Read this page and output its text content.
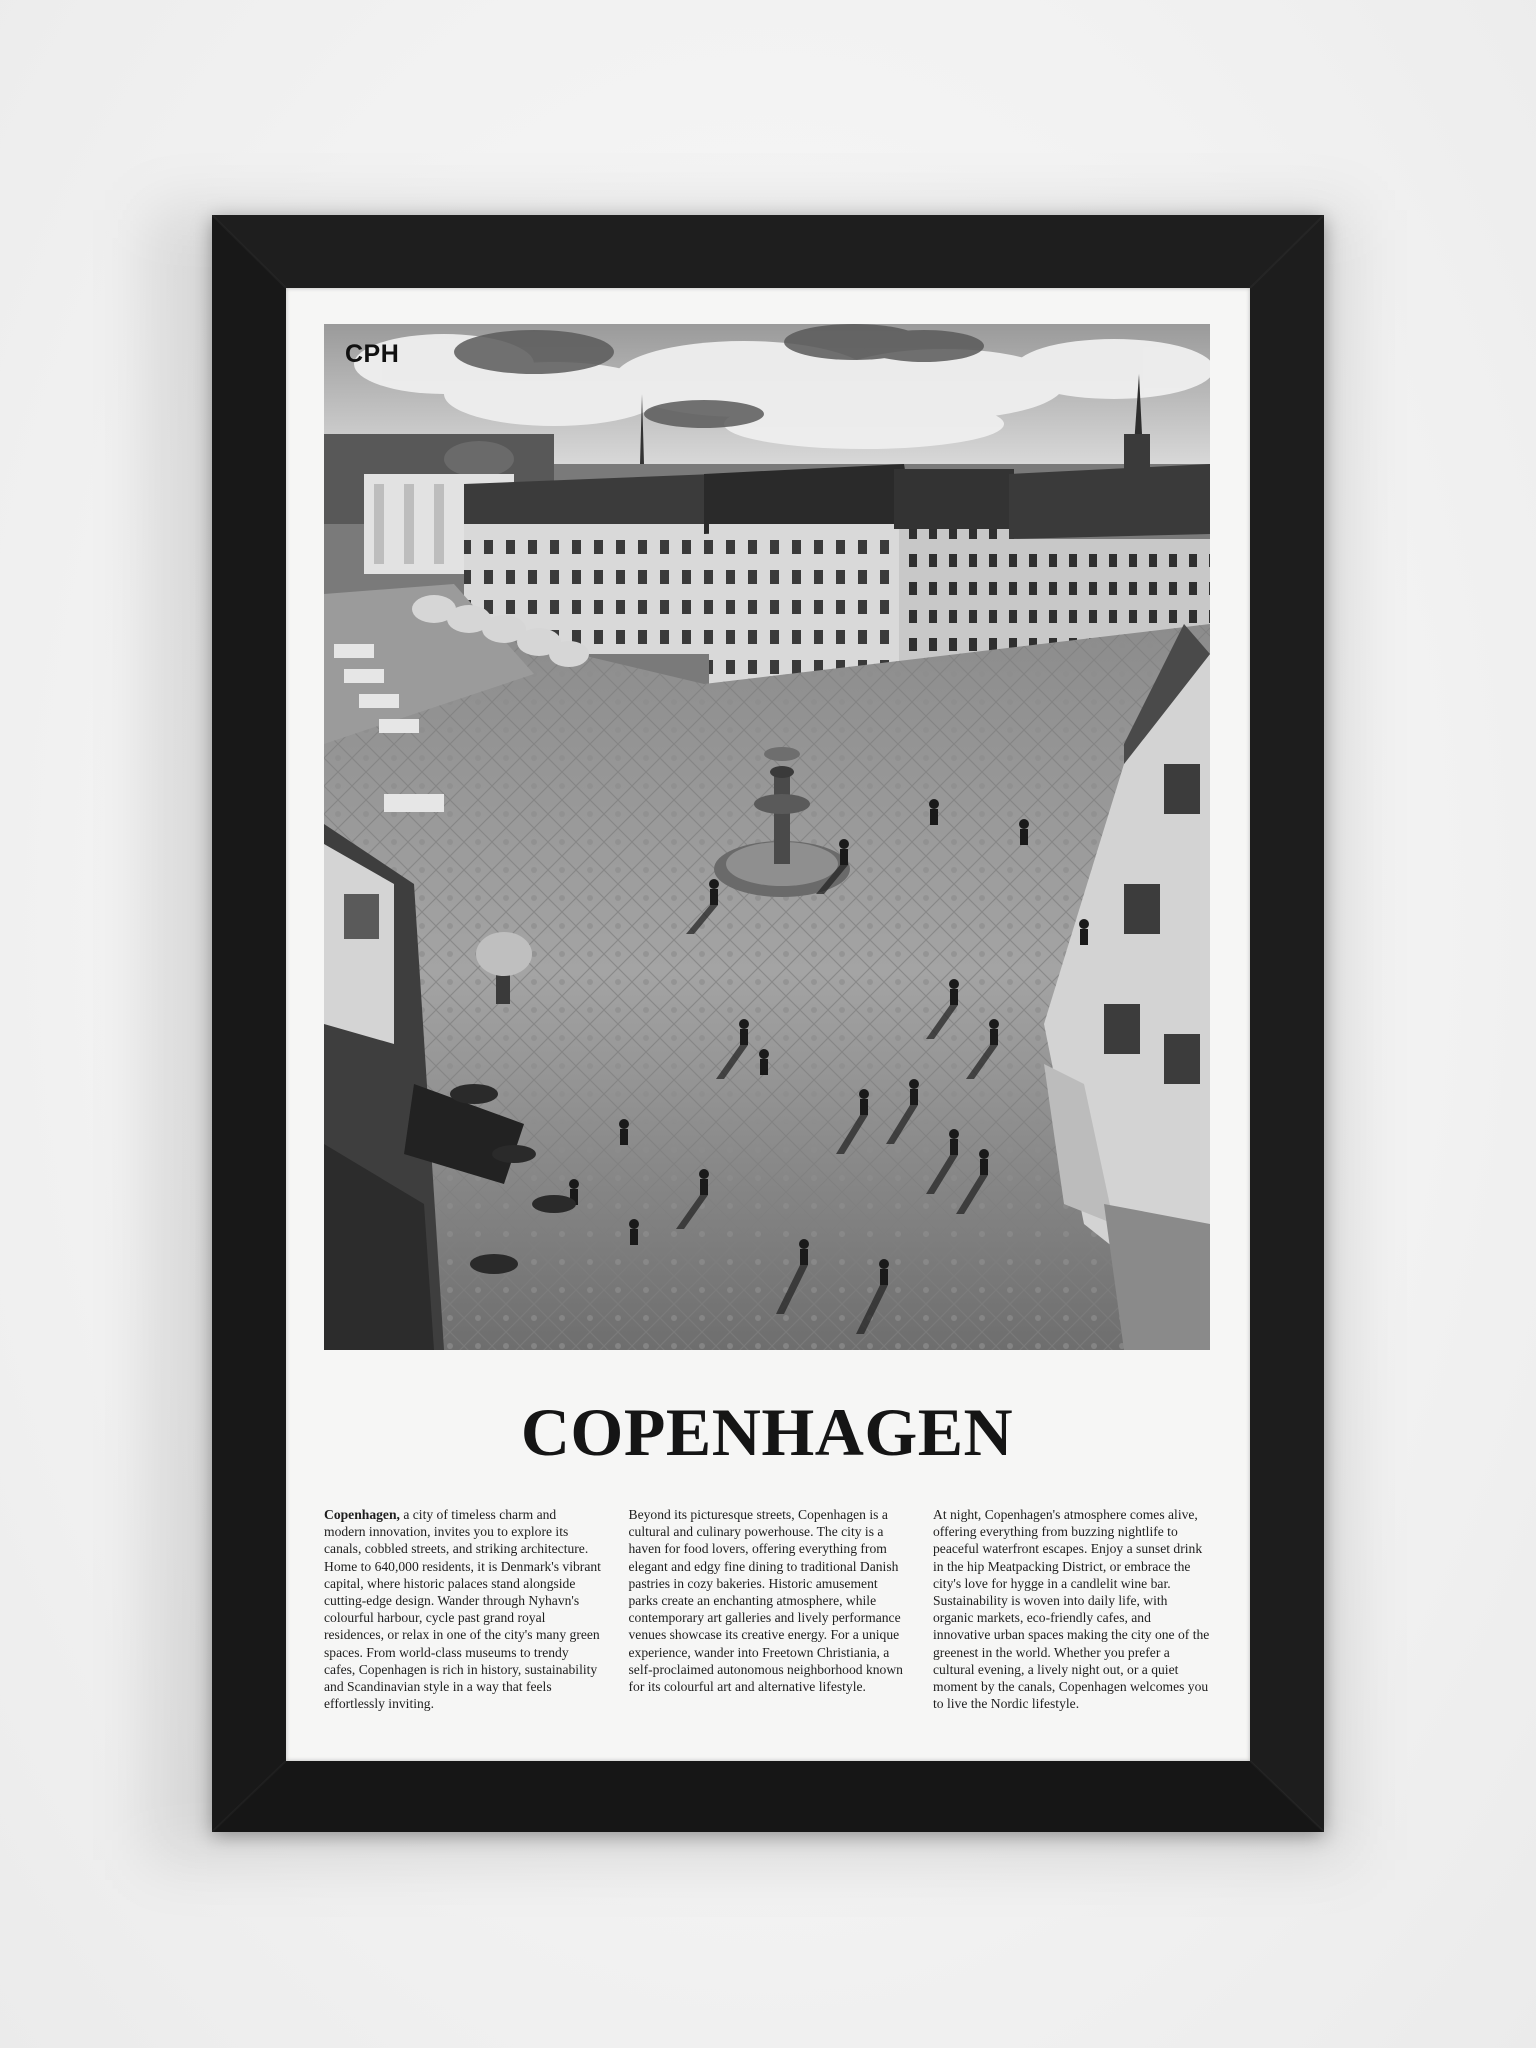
CPH
COPENHAGEN
Copenhagen, a city of timeless charm and modern innovation, invites you to explore its canals, cobbled streets, and striking architecture. Home to 640,000 residents, it is Denmark's vibrant capital, where historic palaces stand alongside cutting-edge design. Wander through Nyhavn's colourful harbour, cycle past grand royal residences, or relax in one of the city's many green spaces. From world-class museums to trendy cafes, Copenhagen is rich in history, sustainability and Scandinavian style in a way that feels effortlessly inviting.
Beyond its picturesque streets, Copenhagen is a cultural and culinary powerhouse. The city is a haven for food lovers, offering everything from elegant and edgy fine dining to traditional Danish pastries in cozy bakeries. Historic amusement parks create an enchanting atmosphere, while contemporary art galleries and lively performance venues showcase its creative energy. For a unique experience, wander into Freetown Christiania, a self-proclaimed autonomous neighborhood known for its colourful art and alternative lifestyle.
At night, Copenhagen's atmosphere comes alive, offering everything from buzzing nightlife to peaceful waterfront escapes. Enjoy a sunset drink in the hip Meatpacking District, or embrace the city's love for hygge in a candlelit wine bar. Sustainability is woven into daily life, with organic markets, eco-friendly cafes, and innovative urban spaces making the city one of the greenest in the world. Whether you prefer a cultural evening, a lively night out, or a quiet moment by the canals, Copenhagen welcomes you to live the Nordic lifestyle.
